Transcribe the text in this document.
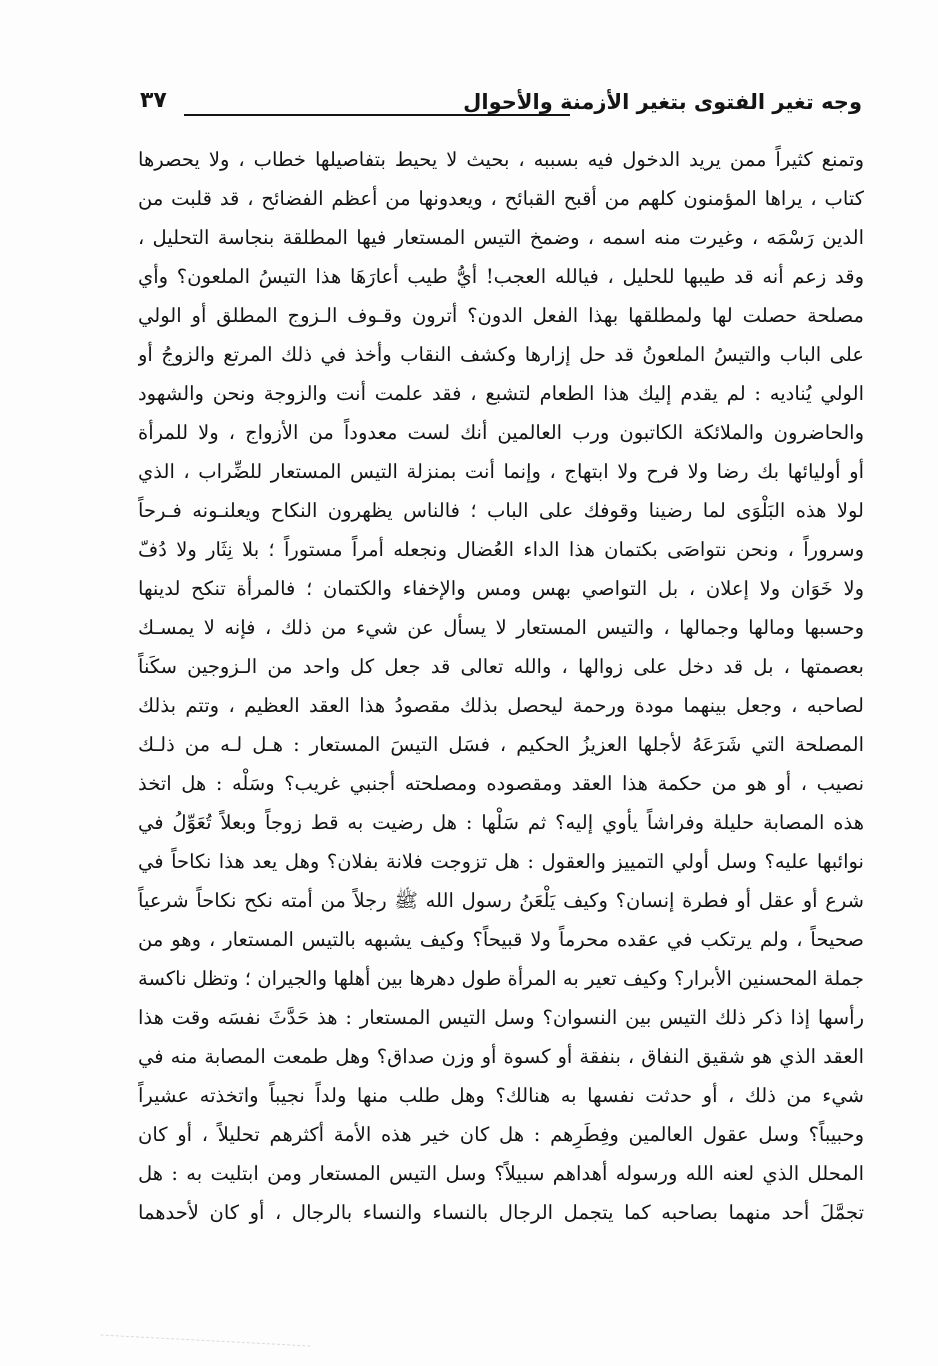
وجه تغير الفتوى بتغير الأزمنة والأحوال
٣٧
وتمنع كثيراً ممن يريد الدخول فيه بسببه ، بحيث لا يحيط بتفاصيلها خطاب ، ولا يحصرها
كتاب ، يراها المؤمنون كلهم من أقبح القبائح ، ويعدونها من أعظم الفضائح ، قد قلبت من
الدين رَسْمَه ، وغيرت منه اسمه ، وضمخ التيس المستعار فيها المطلقة بنجاسة التحليل ،
وقد زعم أنه قد طيبها للحليل ، فيالله العجب! أيُّ طيب أعارَهَا هذا التيسُ الملعون؟ وأي
مصلحة حصلت لها ولمطلقها بهذا الفعل الدون؟ أترون وقـوف الـزوج المطلق أو الولي
على الباب والتيسُ الملعونُ قد حل إزارها وكشف النقاب وأخذ في ذلك المرتع والزوجُ أو
الولي يُناديه : لم يقدم إليك هذا الطعام لتشبع ، فقد علمت أنت والزوجة ونحن والشهود
والحاضرون والملائكة الكاتبون ورب العالمين أنك لست معدوداً من الأزواج ، ولا للمرأة
أو أوليائها بك رضا ولا فرح ولا ابتهاج ، وإنما أنت بمنزلة التيس المستعار للضِّراب ، الذي
لولا هذه البَلْوَى لما رضينا وقوفك على الباب ؛ فالناس يظهرون النكاح ويعلنـونه فـرحاً
وسروراً ، ونحن نتواصَى بكتمان هذا الداء العُضال ونجعله أمراً مستوراً ؛ بلا نِثَار ولا دُفّ
ولا خَوَان ولا إعلان ، بل التواصي بهس ومس والإخفاء والكتمان ؛ فالمرأة تنكح لدينها
وحسبها ومالها وجمالها ، والتيس المستعار لا يسأل عن شيء من ذلك ، فإنه لا يمسـك
بعصمتها ، بل قد دخل على زوالها ، والله تعالى قد جعل كل واحد من الـزوجين سكَناً
لصاحبه ، وجعل بينهما مودة ورحمة ليحصل بذلك مقصودُ هذا العقد العظيم ، وتتم بذلك
المصلحة التي شَرَعَهُ لأجلها العزيزُ الحكيم ، فسَل التيسَ المستعار : هـل لـه من ذلـك
نصيب ، أو هو من حكمة هذا العقد ومقصوده ومصلحته أجنبي غريب؟ وسَلْه : هل اتخذ
هذه المصابة حليلة وفراشاً يأوي إليه؟ ثم سَلْها : هل رضيت به قط زوجاً وبعلاً تُعَوِّلُ في
نوائبها عليه؟ وسل أولي التمييز والعقول : هل تزوجت فلانة بفلان؟ وهل يعد هذا نكاحاً في
شرع أو عقل أو فطرة إنسان؟ وكيف يَلْعَنُ رسول الله ﷺ رجلاً من أمته نكح نكاحاً شرعياً
صحيحاً ، ولم يرتكب في عقده محرماً ولا قبيحاً؟ وكيف يشبهه بالتيس المستعار ، وهو من
جملة المحسنين الأبرار؟ وكيف تعير به المرأة طول دهرها بين أهلها والجيران ؛ وتظل ناكسة
رأسها إذا ذكر ذلك التيس بين النسوان؟ وسل التيس المستعار : هذ حَدَّثَ نفسَه وقت هذا
العقد الذي هو شقيق النفاق ، بنفقة أو كسوة أو وزن صداق؟ وهل طمعت المصابة منه في
شيء من ذلك ، أو حدثت نفسها به هنالك؟ وهل طلب منها ولداً نجيباً واتخذته عشيراً
وحبيباً؟ وسل عقول العالمين وفِطَرِهم : هل كان خير هذه الأمة أكثرهم تحليلاً ، أو كان
المحلل الذي لعنه الله ورسوله أهداهم سبيلاً؟ وسل التيس المستعار ومن ابتليت به : هل
تجمَّلَ أحد منهما بصاحبه كما يتجمل الرجال بالنساء والنساء بالرجال ، أو كان لأحدهما
